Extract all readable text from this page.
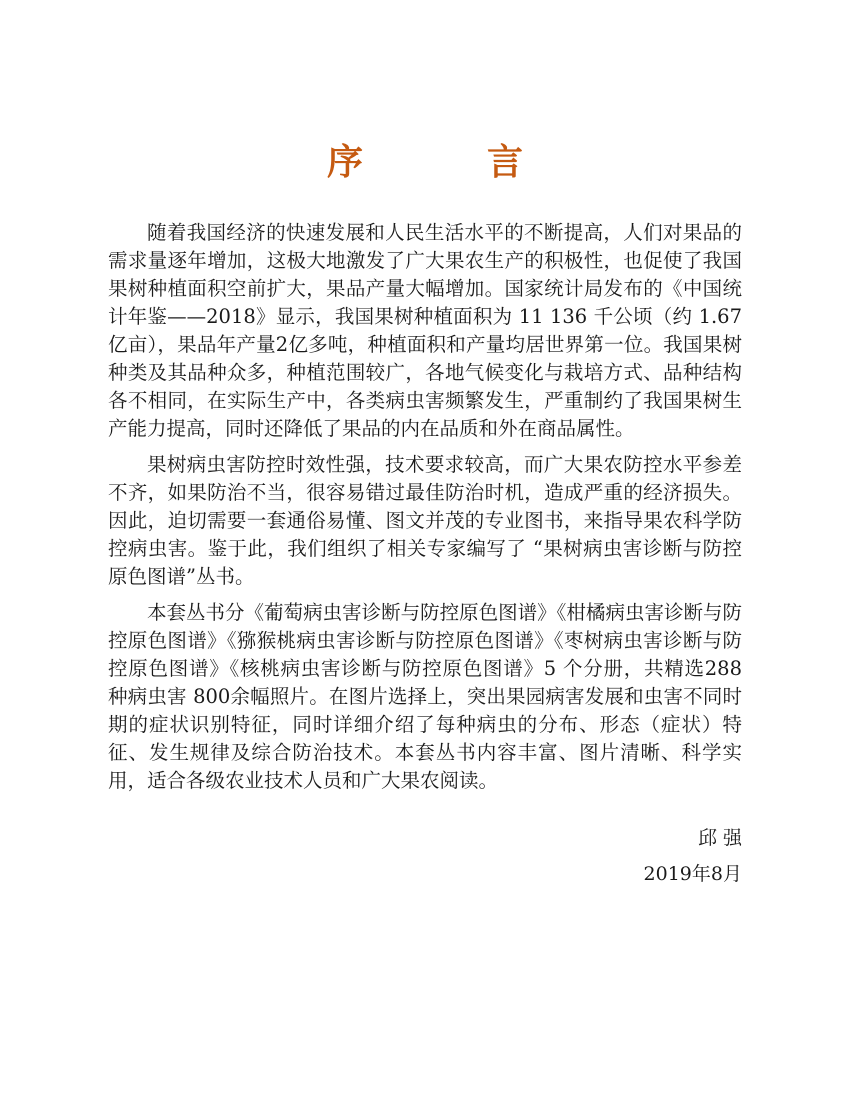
序　言

随着我国经济的快速发展和人民生活水平的不断提高，人们对果品的需求量逐年增加，这极大地激发了广大果农生产的积极性，也促使了我国果树种植面积空前扩大，果品产量大幅增加。国家统计局发布的《中国统计年鉴——2018》显示，我国果树种植面积为 11 136 千公顷（约 1.67 亿亩），果品年产量2亿多吨，种植面积和产量均居世界第一位。我国果树种类及其品种众多，种植范围较广，各地气候变化与栽培方式、品种结构各不相同，在实际生产中，各类病虫害频繁发生，严重制约了我国果树生产能力提高，同时还降低了果品的内在品质和外在商品属性。

果树病虫害防控时效性强，技术要求较高，而广大果农防控水平参差不齐，如果防治不当，很容易错过最佳防治时机，造成严重的经济损失。因此，迫切需要一套通俗易懂、图文并茂的专业图书，来指导果农科学防控病虫害。鉴于此，我们组织了相关专家编写了 “果树病虫害诊断与防控原色图谱”丛书。

本套丛书分《葡萄病虫害诊断与防控原色图谱》《柑橘病虫害诊断与防控原色图谱》《猕猴桃病虫害诊断与防控原色图谱》《枣树病虫害诊断与防控原色图谱》《核桃病虫害诊断与防控原色图谱》5 个分册，共精选288 种病虫害 800余幅照片。在图片选择上，突出果园病害发展和虫害不同时期的症状识别特征，同时详细介绍了每种病虫的分布、形态（症状）特征、发生规律及综合防治技术。本套丛书内容丰富、图片清晰、科学实用，适合各级农业技术人员和广大果农阅读。

邱 强
2019年8月
